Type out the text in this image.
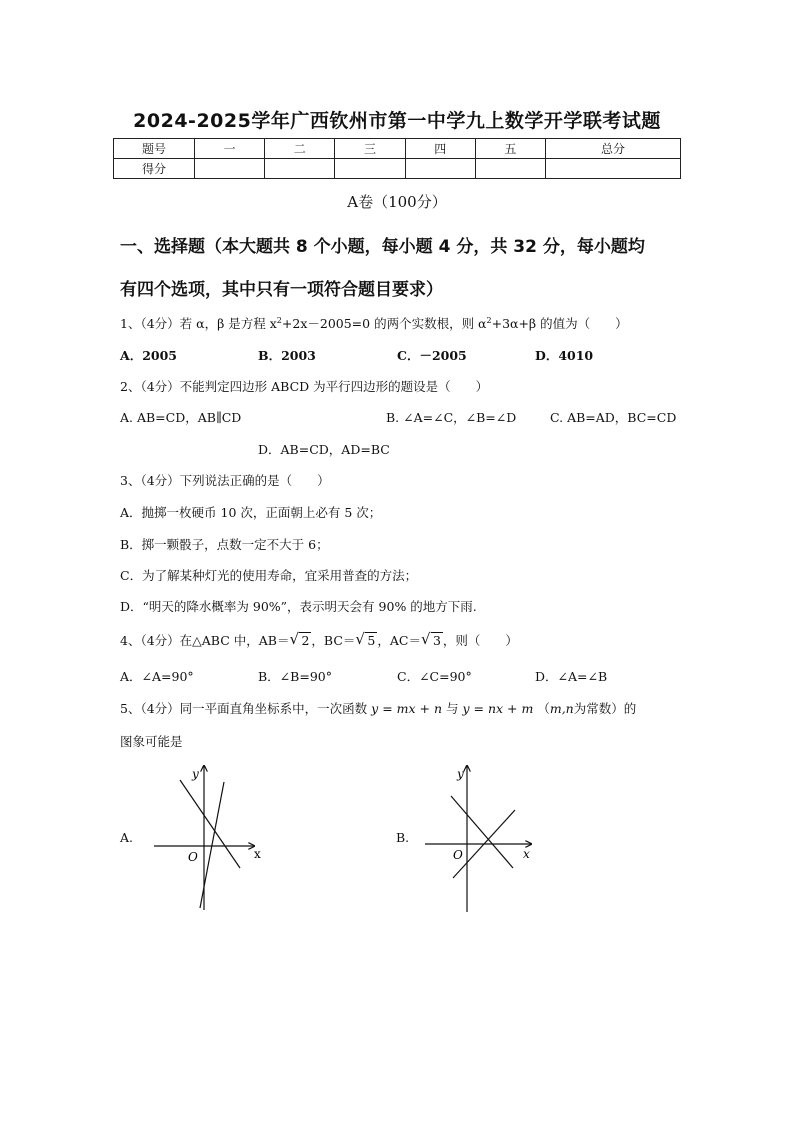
2024-2025学年广西钦州市第一中学九上数学开学联考试题
题号	一	二	三	四	五	总分
得分						
A卷（100分）
一、选择题（本大题共 8 个小题，每小题 4 分，共 32 分，每小题均
有四个选项，其中只有一项符合题目要求）
1、（4分）若 α，β 是方程 $x^2+2x-2005=0$ 的两个实数根，则 $\alpha^2+3\alpha+\beta$ 的值为（　　）
A．2005	B．2003	C．－2005	D．4010
2、（4分）不能判定四边形 ABCD 为平行四边形的题设是（　　）
A. AB=CD，AB∥CD	B. ∠A=∠C，∠B=∠D	C. AB=AD，BC=CD
D．AB=CD，AD=BC
3、（4分）下列说法正确的是（　　）
A．抛掷一枚硬币 10 次，正面朝上必有 5 次；
B．掷一颗骰子，点数一定不大于 6；
C．为了解某种灯光的使用寿命，宜采用普查的方法；
D．“明天的降水概率为 90%”，表示明天会有 90% 的地方下雨.
4、（4分）在△ABC 中，AB＝ √ 2 ，BC＝ √ 5 ，AC＝ √ 3 ，则（　　）
A．∠A=90°	B．∠B=90°	C．∠C=90°	D．∠A=∠B
5、（4分）同一平面直角坐标系中，一次函数 y = mx + n 与 y = nx + m （m,n为常数）的
图象可能是
A.	B.
y
x
O
y
x
O
